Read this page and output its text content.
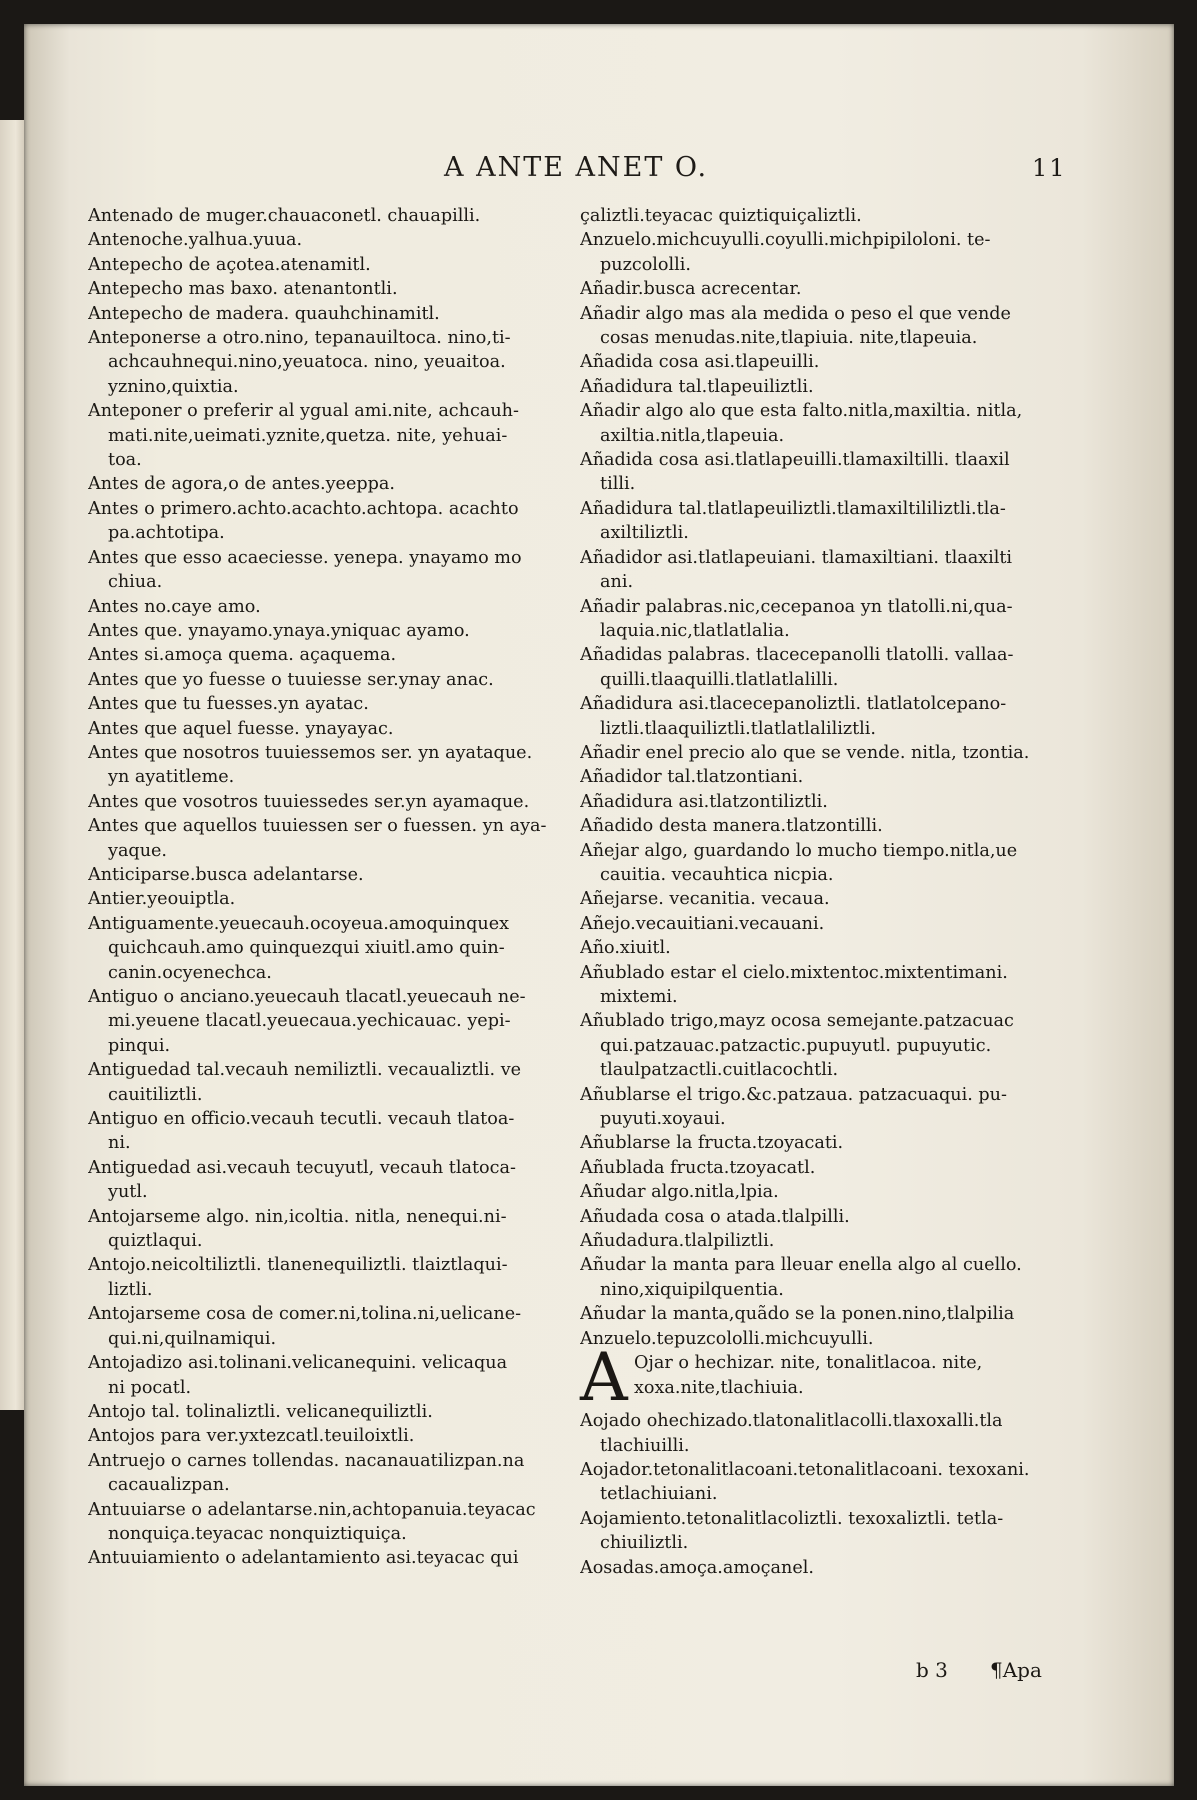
A ANTE ANET O.	11
Antenado de muger.chauaconetl. chauapilli.
Antenoche.yalhua.yuua.
Antepecho de açotea.atenamitl.
Antepecho mas baxo. atenantontli.
Antepecho de madera. quauhchinamitl.
Anteponerse a otro.nino, tepanauiltoca. nino,ti-
achcauhnequi.nino,yeuatoca. nino, yeuaitoa.
yznino,quixtia.
Anteponer o preferir al ygual ami.nite, achcauh-
mati.nite,ueimati.yznite,quetza. nite, yehuai-
toa.
Antes de agora,o de antes.yeeppa.
Antes o primero.achto.acachto.achtopa. acachto
pa.achtotipa.
Antes que esso acaeciesse. yenepa. ynayamo mo
chiua.
Antes no.caye amo.
Antes que. ynayamo.ynaya.yniquac ayamo.
Antes si.amoça quema. açaquema.
Antes que yo fuesse o tuuiesse ser.ynay anac.
Antes que tu fuesses.yn ayatac.
Antes que aquel fuesse. ynayayac.
Antes que nosotros tuuiessemos ser. yn ayataque.
yn ayatitleme.
Antes que vosotros tuuiessedes ser.yn ayamaque.
Antes que aquellos tuuiessen ser o fuessen. yn aya-
yaque.
Anticiparse.busca adelantarse.
Antier.yeouiptla.
Antiguamente.yeuecauh.ocoyeua.amoquinquex
quichcauh.amo quinquezqui xiuitl.amo quin-
canin.ocyenechca.
Antiguo o anciano.yeuecauh tlacatl.yeuecauh ne-
mi.yeuene tlacatl.yeuecaua.yechicauac. yepi-
pinqui.
Antiguedad tal.vecauh nemiliztli. vecaualiztli. ve
cauitiliztli.
Antiguo en officio.vecauh tecutli. vecauh tlatoa-
ni.
Antiguedad asi.vecauh tecuyutl, vecauh tlatoca-
yutl.
Antojarseme algo. nin,icoltia. nitla, nenequi.ni-
quiztlaqui.
Antojo.neicoltiliztli. tlanenequiliztli. tlaiztlaqui-
liztli.
Antojarseme cosa de comer.ni,tolina.ni,uelicane-
qui.ni,quilnamiqui.
Antojadizo asi.tolinani.velicanequini. velicaqua
ni pocatl.
Antojo tal. tolinaliztli. velicanequiliztli.
Antojos para ver.yxtezcatl.teuiloixtli.
Antruejo o carnes tollendas. nacanauatilizpan.na
cacaualizpan.
Antuuiarse o adelantarse.nin,achtopanuia.teyacac
nonquiça.teyacac nonquiztiquiça.
Antuuiamiento o adelantamiento asi.teyacac qui
çaliztli.teyacac quiztiquiçaliztli.
Anzuelo.michcuyulli.coyulli.michpipiloloni. te-
puzcololli.
Añadir.busca acrecentar.
Añadir algo mas ala medida o peso el que vende
cosas menudas.nite,tlapiuia. nite,tlapeuia.
Añadida cosa asi.tlapeuilli.
Añadidura tal.tlapeuiliztli.
Añadir algo alo que esta falto.nitla,maxiltia. nitla,
axiltia.nitla,tlapeuia.
Añadida cosa asi.tlatlapeuilli.tlamaxiltilli. tlaaxil
tilli.
Añadidura tal.tlatlapeuiliztli.tlamaxiltililiztli.tla-
axiltiliztli.
Añadidor asi.tlatlapeuiani. tlamaxiltiani. tlaaxilti
ani.
Añadir palabras.nic,cecepanoa yn tlatolli.ni,qua-
laquia.nic,tlatlatlalia.
Añadidas palabras. tlacecepanolli tlatolli. vallaa-
quilli.tlaaquilli.tlatlatlalilli.
Añadidura asi.tlacecepanoliztli. tlatlatolcepano-
liztli.tlaaquiliztli.tlatlatlaliliztli.
Añadir enel precio alo que se vende. nitla, tzontia.
Añadidor tal.tlatzontiani.
Añadidura asi.tlatzontiliztli.
Añadido desta manera.tlatzontilli.
Añejar algo, guardando lo mucho tiempo.nitla,ue
cauitia. vecauhtica nicpia.
Añejarse. vecanitia. vecaua.
Añejo.vecauitiani.vecauani.
Año.xiuitl.
Añublado estar el cielo.mixtentoc.mixtentimani.
mixtemi.
Añublado trigo,mayz ocosa semejante.patzacuac
qui.patzauac.patzactic.pupuyutl. pupuyutic.
tlaulpatzactli.cuitlacochtli.
Añublarse el trigo.&c.patzaua. patzacuaqui. pu-
puyuti.xoyaui.
Añublarse la fructa.tzoyacati.
Añublada fructa.tzoyacatl.
Añudar algo.nitla,lpia.
Añudada cosa o atada.tlalpilli.
Añudadura.tlalpiliztli.
Añudar la manta para lleuar enella algo al cuello.
nino,xiquipilquentia.
Añudar la manta,quãdo se la ponen.nino,tlalpilia
Anzuelo.tepuzcololli.michcuyulli.
A Ojar o hechizar. nite, tonalitlacoa. nite,
xoxa.nite,tlachiuia.
Aojado ohechizado.tlatonalitlacolli.tlaxoxalli.tla
tlachiuilli.
Aojador.tetonalitlacoani.tetonalitlacoani. texoxani.
tetlachiuiani.
Aojamiento.tetonalitlacoliztli. texoxaliztli. tetla-
chiuiliztli.
Aosadas.amoça.amoçanel.
b 3 ¶Apa
